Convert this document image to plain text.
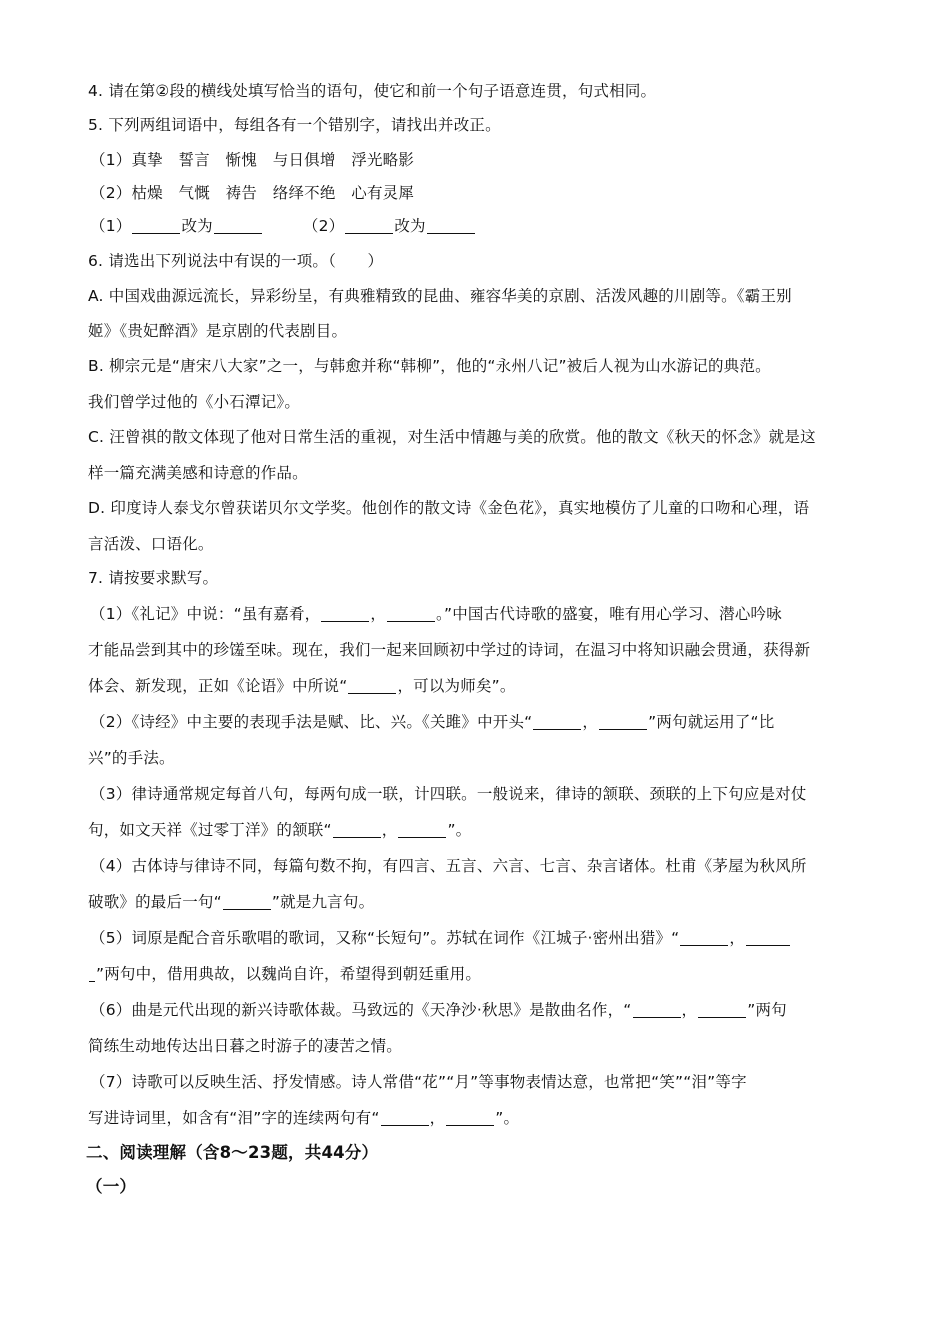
4. 请在第②段的横线处填写恰当的语句，使它和前一个句子语意连贯，句式相同。
5. 下列两组词语中，每组各有一个错别字，请找出并改正。
（1）真挚　誓言　惭愧　与日俱增　浮光略影
（2）枯燥　气慨　祷告　络绎不绝　心有灵犀
（1）	改为	（2）	改为
6. 请选出下列说法中有误的一项。（　　）
A. 中国戏曲源远流长，异彩纷呈，有典雅精致的昆曲、雍容华美的京剧、活泼风趣的川剧等。《霸王别
姬》《贵妃醉酒》是京剧的代表剧目。
B. 柳宗元是“唐宋八大家”之一，与韩愈并称“韩柳”，他的“永州八记”被后人视为山水游记的典范。
我们曾学过他的《小石潭记》。
C. 汪曾祺的散文体现了他对日常生活的重视，对生活中情趣与美的欣赏。他的散文《秋天的怀念》就是这
样一篇充满美感和诗意的作品。
D. 印度诗人泰戈尔曾获诺贝尔文学奖。他创作的散文诗《金色花》，真实地模仿了儿童的口吻和心理，语
言活泼、口语化。
7. 请按要求默写。
（1）《礼记》中说：“虽有嘉肴，	，	。”中国古代诗歌的盛宴，唯有用心学习、潜心吟咏
才能品尝到其中的珍馐至味。现在，我们一起来回顾初中学过的诗词，在温习中将知识融会贯通，获得新
体会、新发现，正如《论语》中所说“	，可以为师矣”。
（2）《诗经》中主要的表现手法是赋、比、兴。《关雎》中开头“	，	”两句就运用了“比
兴”的手法。
（3）律诗通常规定每首八句，每两句成一联，计四联。一般说来，律诗的颔联、颈联的上下句应是对仗
句，如文天祥《过零丁洋》的颔联“	，	”。
（4）古体诗与律诗不同，每篇句数不拘，有四言、五言、六言、七言、杂言诸体。杜甫《茅屋为秋风所
破歌》的最后一句“	”就是九言句。
（5）词原是配合音乐歌唱的歌词，又称“长短句”。苏轼在词作《江城子·密州出猎》“	，
”两句中，借用典故，以魏尚自许，希望得到朝廷重用。
（6）曲是元代出现的新兴诗歌体裁。马致远的《天净沙·秋思》是散曲名作，“	，	”两句
简练生动地传达出日暮之时游子的凄苦之情。
（7）诗歌可以反映生活、抒发情感。诗人常借“花”“月”等事物表情达意，也常把“笑”“泪”等字
写进诗词里，如含有“泪”字的连续两句有“	，	”。
二、阅读理解（含8～23题，共44分）
（一）
